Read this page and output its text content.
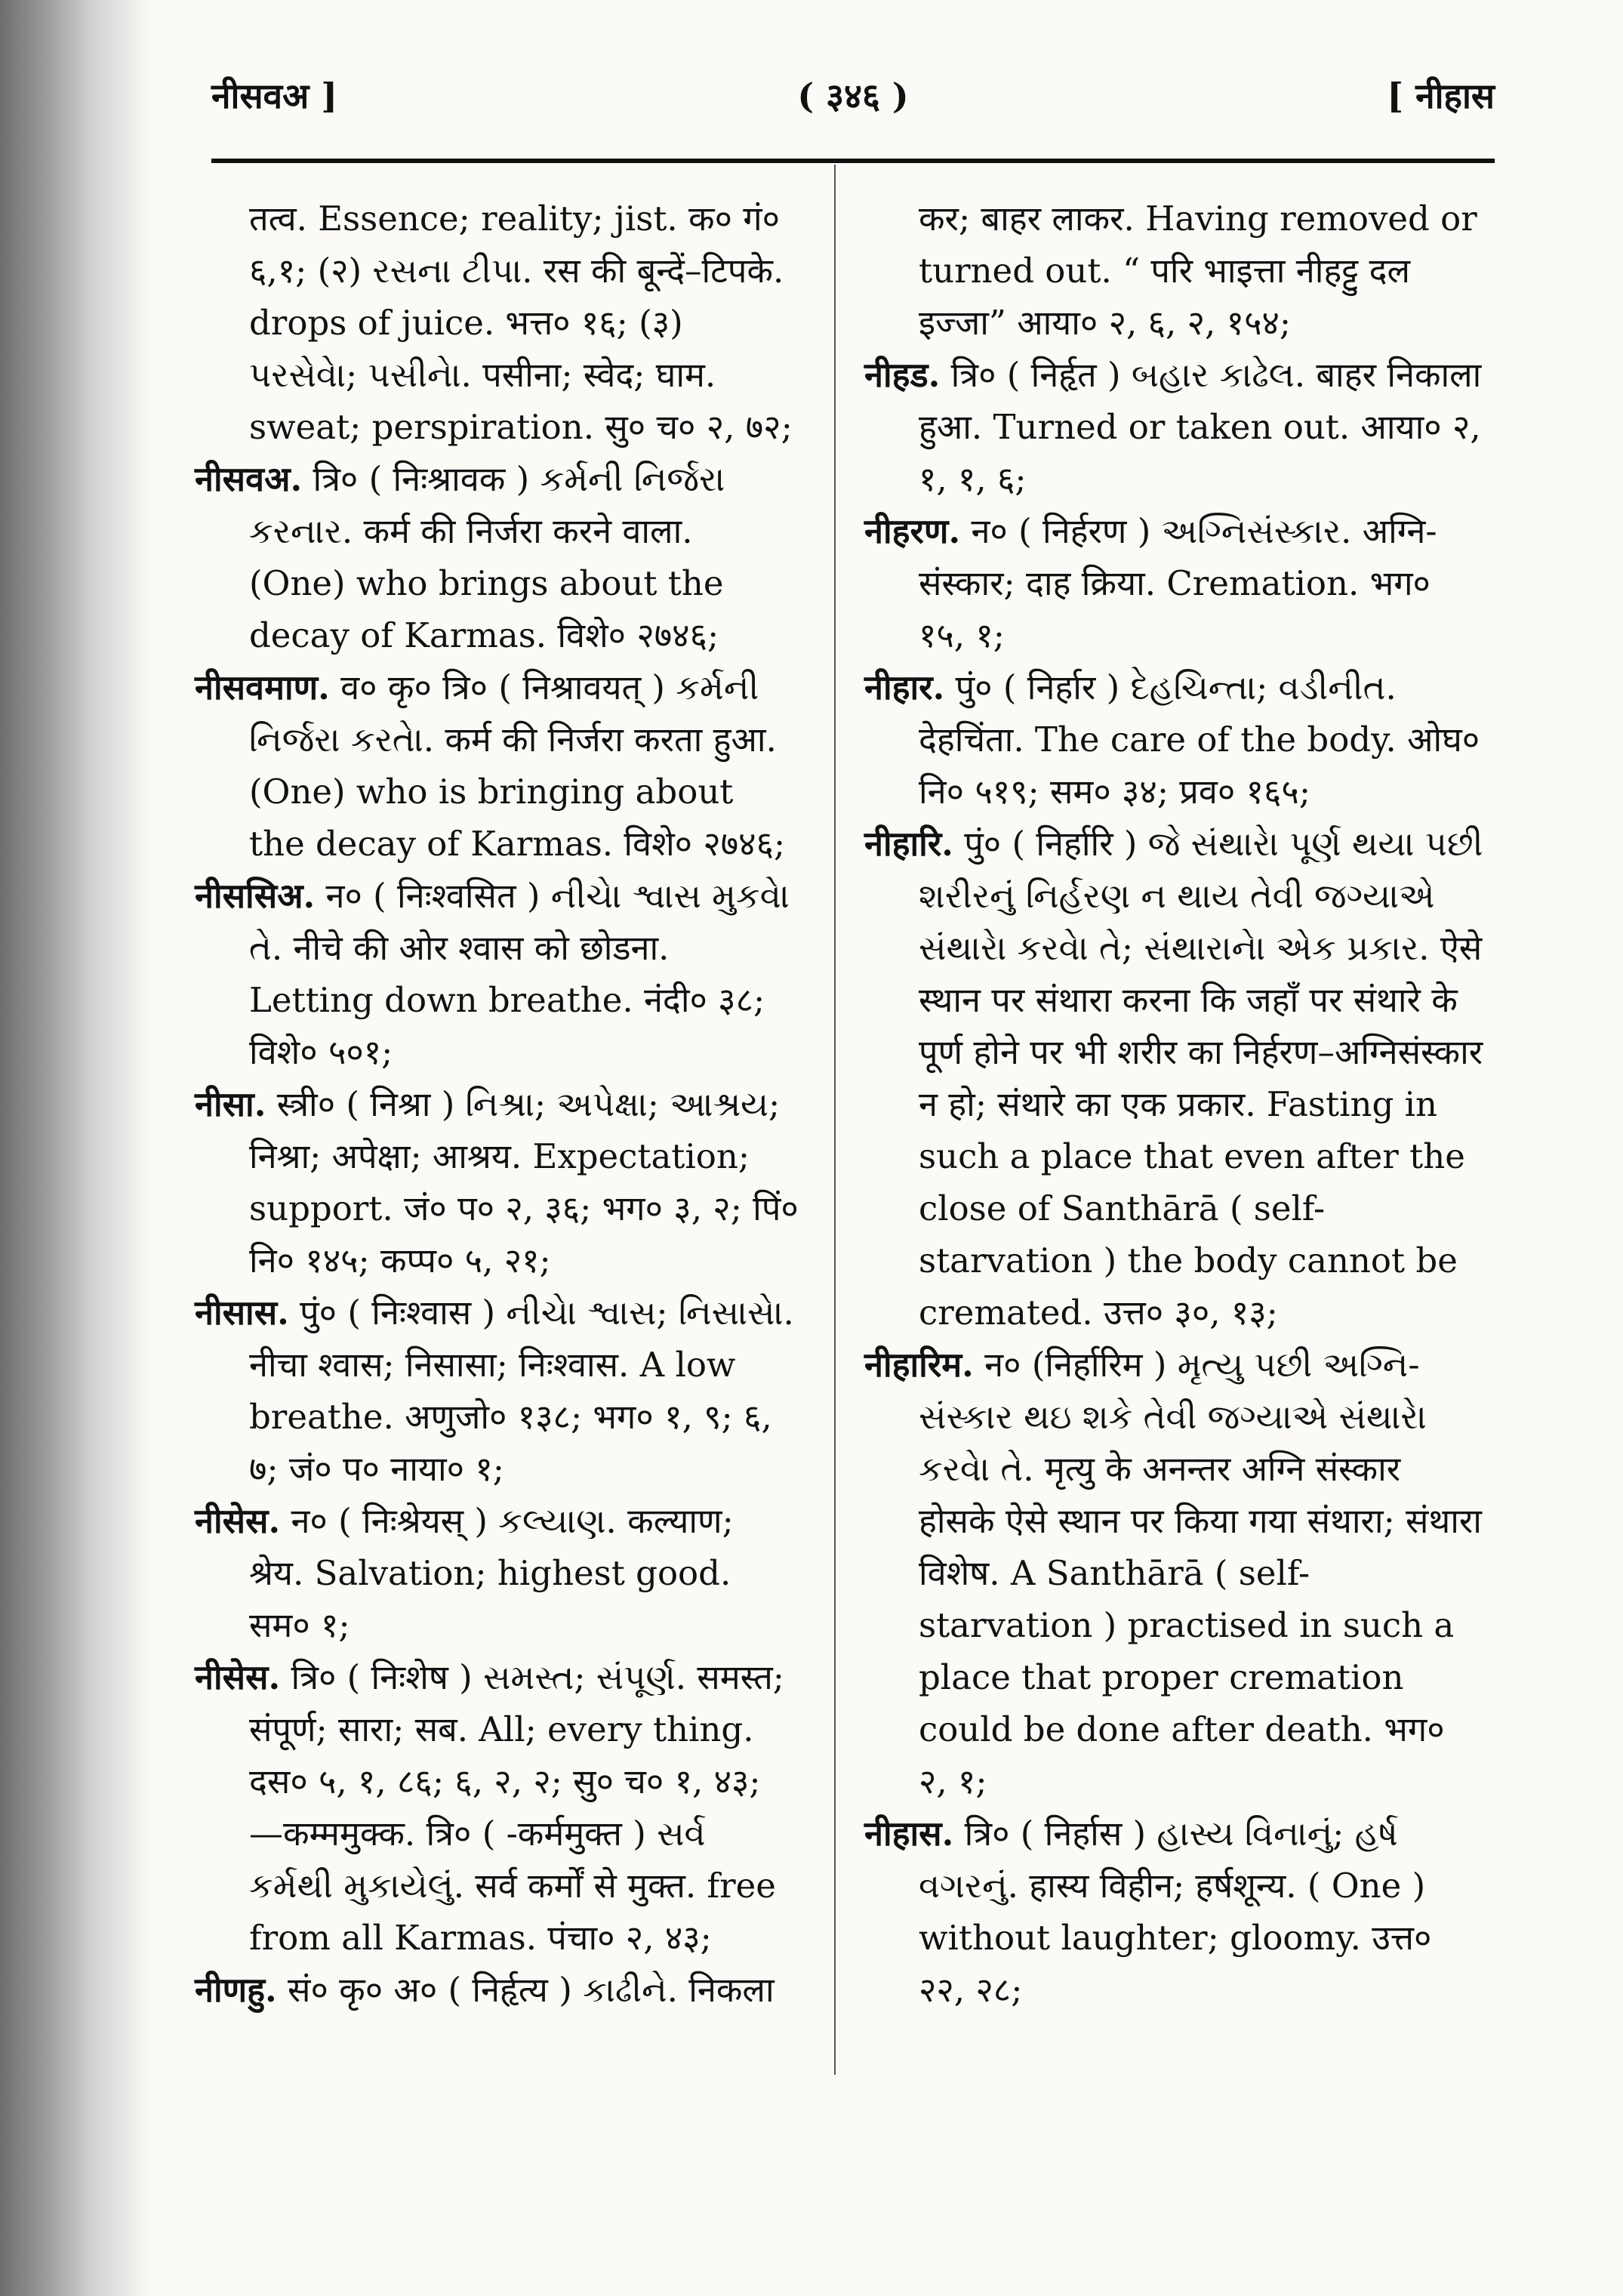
नीसवअ ]	( ३४६ )	[ नीहास

तत्व. Essence; reality; jist. क० गं० ६,१; (२) રસના ટીપા. रस की बून्दें–टिपके. drops of juice. भत्त० १६; (३) પરસેવેા; પસીનેા. पसीना; स्वेद; घाम. sweat; perspiration. सु० च० २, ७२;

नीसवअ. त्रि० ( निःश्रावक ) કર્મની નિર્જરા કરનાર. कर्म की निर्जरा करने वाला. (One) who brings about the decay of Karmas. विशे० २७४६;

नीसवमाण. व० कृ० त्रि० ( निश्रावयत् ) કર્મની નિર્જરા કરતેા. कर्म की निर्जरा करता हुआ. (One) who is bringing about the decay of Karmas. विशे० २७४६;

नीससिअ. न० ( निःश्वसित ) નીચેા શ્વાસ મુકવેા તે. नीचे की ओर श्वास को छोडना. Letting down breathe. नंदी० ३८; विशे० ५०१;

नीसा. स्त्री० ( निश्रा ) નિશ્રા; અપેક્ષા; આશ્રય; निश्रा; अपेक्षा; आश्रय. Expectation; support. जं० प० २, ३६; भग० ३, २; पिं० नि० १४५; कप्प० ५, २१;

नीसास. पुं० ( निःश्वास ) નીચેા શ્વાસ; નિસાસેા. नीचा श्वास; निसासा; निःश्वास. A low breathe. अणुजो० १३८; भग० १, ९; ६, ७; जं० प० नाया० १;

नीसेस. न० ( निःश्रेयस् ) કલ્યાણ. कल्याण; श्रेय. Salvation; highest good. सम० १;

नीसेस. त्रि० ( निःशेष ) સમસ્ત; સંપૂર્ણ. समस्त; संपूर्ण; सारा; सब. All; every thing. दस० ५, १, ८६; ६, २, २; सु० च० १, ४३; —कम्ममुक्क. त्रि० ( -कर्ममुक्त ) સર્વ કર્મથી મુકાયેલું. सर्व कर्मों से मुक्त. free from all Karmas. पंचा० २, ४३;

नीणहु. सं० कृ० अ० ( निर्हृत्य ) કાઢીને. निकला

कर; बाहर लाकर. Having removed or turned out. “ परि भाइत्ता नीहट्टु दल इज्जा” आया० २, ६, २, १५४;

नीहड. त्रि० ( निर्हृत ) બહાર કાઢેલ. बाहर निकाला हुआ. Turned or taken out. आया० २, १, १, ६;

नीहरण. न० ( निर्हरण ) અગ્નિસંસ્કાર. अग्नि-संस्कार; दाह क्रिया. Cremation. भग० १५, १;

नीहार. पुं० ( निर्हार ) દેહચિન્તા; વડીનીત. देहचिंता. The care of the body. ओघ० नि० ५१९; सम० ३४; प्रव० १६५;

नीहारि. पुं० ( निर्हारि ) જે સંથારેા પૂર્ણ થયા પછી શરીરનું નિર્હરણ ન થાય તેવી જગ્યાએ સંથારેા કરવેા તે; સંથારાનેા એક પ્રકાર. ऐसे स्थान पर संथारा करना कि जहाँ पर संथारे के पूर्ण होने पर भी शरीर का निर्हरण–अग्निसंस्कार न हो; संथारे का एक प्रकार. Fasting in such a place that even after the close of Santhārā ( self-starvation ) the body cannot be cremated. उत्त० ३०, १३;

नीहारिम. न० (निर्हारिम ) મૃત્યુ પછી અગ્નિ-સંસ્કાર થઇ શકે તેવી જગ્યાએ સંથારેા કરવેા તે. मृत्यु के अनन्तर अग्नि संस्कार होसके ऐसे स्थान पर किया गया संथारा; संथारा विशेष. A Santhārā ( self-starvation ) practised in such a place that proper cremation could be done after death. भग० २, १;

नीहास. त्रि० ( निर्हास ) હાસ્ય વિનાનું; હર્ષ વગરનું. हास्य विहीन; हर्षशून्य. ( One ) without laughter; gloomy. उत्त० २२, २८;
